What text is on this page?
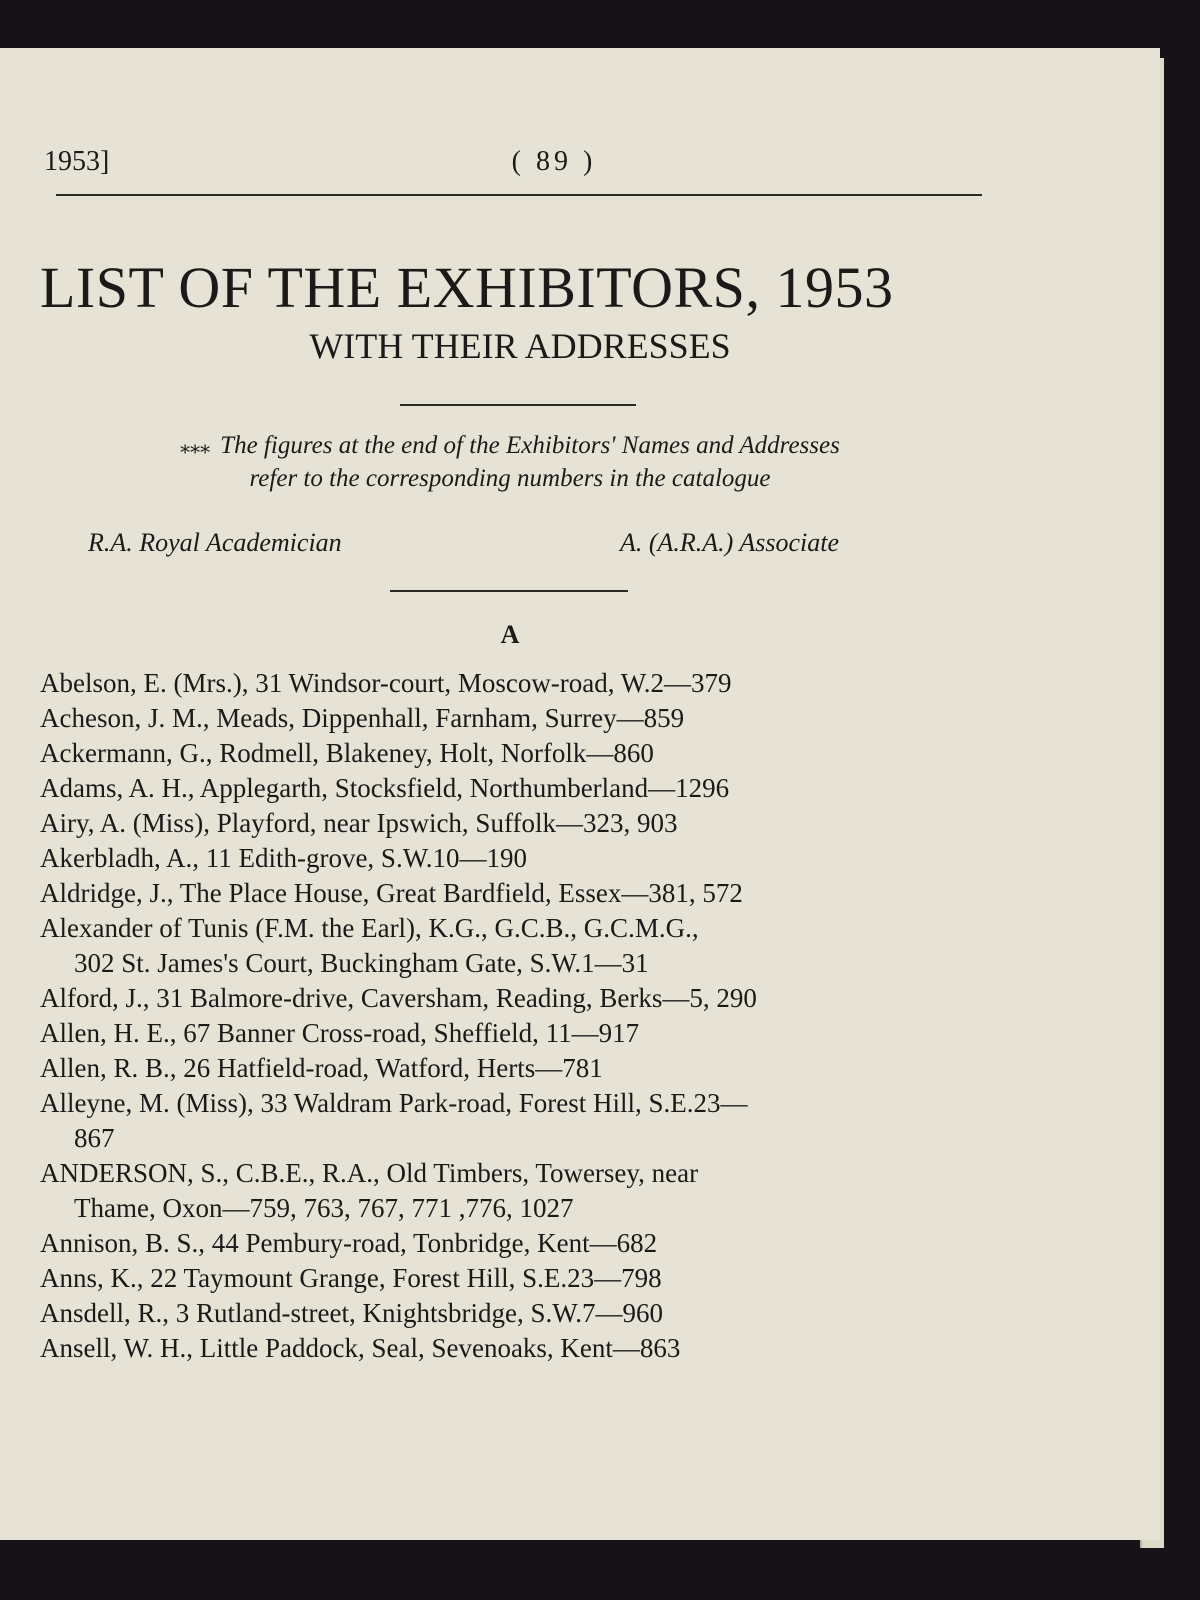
1953]	( 89 )
LIST OF THE EXHIBITORS, 1953
WITH THEIR ADDRESSES
⁎⁎⁎ The figures at the end of the Exhibitors' Names and Addresses
refer to the corresponding numbers in the catalogue
R.A. Royal Academician	A. (A.R.A.) Associate
A
Abelson, E. (Mrs.), 31 Windsor-court, Moscow-road, W.2—379
Acheson, J. M., Meads, Dippenhall, Farnham, Surrey—859
Ackermann, G., Rodmell, Blakeney, Holt, Norfolk—860
Adams, A. H., Applegarth, Stocksfield, Northumberland—1296
Airy, A. (Miss), Playford, near Ipswich, Suffolk—323, 903
Akerbladh, A., 11 Edith-grove, S.W.10—190
Aldridge, J., The Place House, Great Bardfield, Essex—381, 572
Alexander of Tunis (F.M. the Earl), K.G., G.C.B., G.C.M.G.,
302 St. James's Court, Buckingham Gate, S.W.1—31
Alford, J., 31 Balmore-drive, Caversham, Reading, Berks—5, 290
Allen, H. E., 67 Banner Cross-road, Sheffield, 11—917
Allen, R. B., 26 Hatfield-road, Watford, Herts—781
Alleyne, M. (Miss), 33 Waldram Park-road, Forest Hill, S.E.23—
867
ANDERSON, S., C.B.E., R.A., Old Timbers, Towersey, near
Thame, Oxon—759, 763, 767, 771 ,776, 1027
Annison, B. S., 44 Pembury-road, Tonbridge, Kent—682
Anns, K., 22 Taymount Grange, Forest Hill, S.E.23—798
Ansdell, R., 3 Rutland-street, Knightsbridge, S.W.7—960
Ansell, W. H., Little Paddock, Seal, Sevenoaks, Kent—863
